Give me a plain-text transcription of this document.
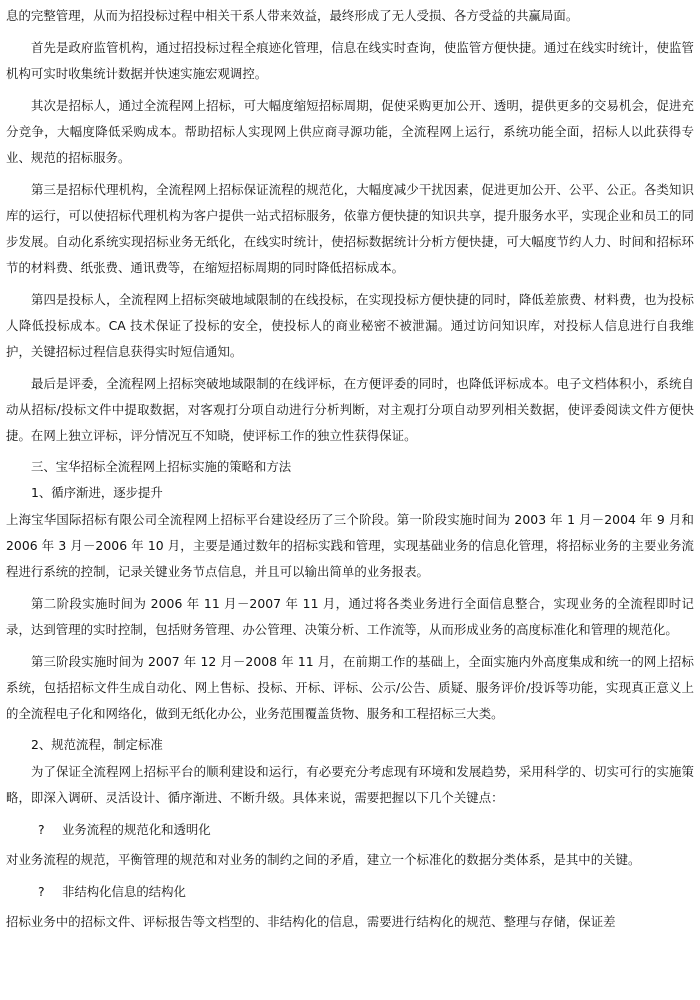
息的完整管理，从而为招投标过程中相关干系人带来效益，最终形成了无人受损、各方受益的共赢局面。

首先是政府监管机构，通过招投标过程全痕迹化管理，信息在线实时查询，使监管方便快捷。通过在线实时统计，使监管机构可实时收集统计数据并快速实施宏观调控。

其次是招标人，通过全流程网上招标，可大幅度缩短招标周期，促使采购更加公开、透明，提供更多的交易机会，促进充分竞争，大幅度降低采购成本。帮助招标人实现网上供应商寻源功能，全流程网上运行，系统功能全面，招标人以此获得专业、规范的招标服务。

第三是招标代理机构，全流程网上招标保证流程的规范化，大幅度减少干扰因素，促进更加公开、公平、公正。各类知识库的运行，可以使招标代理机构为客户提供一站式招标服务，依靠方便快捷的知识共享，提升服务水平，实现企业和员工的同步发展。自动化系统实现招标业务无纸化，在线实时统计，使招标数据统计分析方便快捷，可大幅度节约人力、时间和招标环节的材料费、纸张费、通讯费等，在缩短招标周期的同时降低招标成本。

第四是投标人，全流程网上招标突破地域限制的在线投标，在实现投标方便快捷的同时，降低差旅费、材料费，也为投标人降低投标成本。CA 技术保证了投标的安全，使投标人的商业秘密不被泄漏。通过访问知识库，对投标人信息进行自我维护，关键招标过程信息获得实时短信通知。

最后是评委，全流程网上招标突破地域限制的在线评标，在方便评委的同时，也降低评标成本。电子文档体积小，系统自动从招标/投标文件中提取数据，对客观打分项自动进行分析判断，对主观打分项自动罗列相关数据，使评委阅读文件方便快捷。在网上独立评标，评分情况互不知晓，使评标工作的独立性获得保证。

三、宝华招标全流程网上招标实施的策略和方法
1、循序渐进，逐步提升

上海宝华国际招标有限公司全流程网上招标平台建设经历了三个阶段。第一阶段实施时间为 2003 年 1 月－2004 年 9 月和 2006 年 3 月－2006 年 10 月，主要是通过数年的招标实践和管理，实现基础业务的信息化管理，将招标业务的主要业务流程进行系统的控制，记录关键业务节点信息，并且可以输出简单的业务报表。

第二阶段实施时间为 2006 年 11 月－2007 年 11 月，通过将各类业务进行全面信息整合，实现业务的全流程即时记录，达到管理的实时控制，包括财务管理、办公管理、决策分析、工作流等，从而形成业务的高度标准化和管理的规范化。

第三阶段实施时间为 2007 年 12 月－2008 年 11 月，在前期工作的基础上，全面实施内外高度集成和统一的网上招标系统，包括招标文件生成自动化、网上售标、投标、开标、评标、公示/公告、质疑、服务评价/投诉等功能，实现真正意义上的全流程电子化和网络化，做到无纸化办公，业务范围覆盖货物、服务和工程招标三大类。

2、规范流程，制定标准

为了保证全流程网上招标平台的顺利建设和运行，有必要充分考虑现有环境和发展趋势，采用科学的、切实可行的实施策略，即深入调研、灵活设计、循序渐进、不断升级。具体来说，需要把握以下几个关键点：

?	业务流程的规范化和透明化

对业务流程的规范，平衡管理的规范和对业务的制约之间的矛盾，建立一个标准化的数据分类体系，是其中的关键。

?	非结构化信息的结构化

招标业务中的招标文件、评标报告等文档型的、非结构化的信息，需要进行结构化的规范、整理与存储，保证差
